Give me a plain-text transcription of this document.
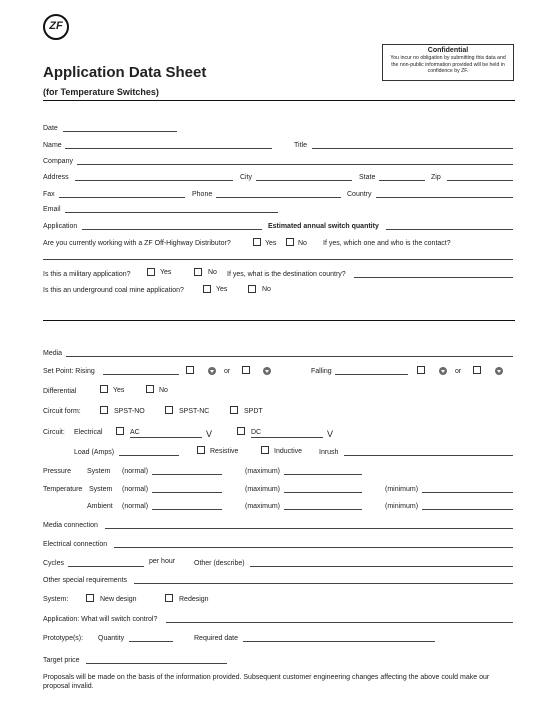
ZF
Confidential
You incur no obligation by submitting this data and the non-public information provided will be held in confidence by ZF.
Application Data Sheet
(for Temperature Switches)
Date
Name	Title
Company
Address	City	State	Zip
Fax	Phone	Country
Email
Application	Estimated annual switch quantity
Are you currently working with a ZF Off-Highway Distributor?	Yes	No If yes, which one and who is the contact?
Is this a military application?	Yes	No If yes, what is the destination country?
Is this an underground coal mine application?	Yes	No
Media
Set Point: Rising	or	Falling	or
Differential	Yes	No
Circuit form:	SPST-NO	SPST-NC	SPDT
Circuit: Electrical	AC	V	DC	V
Load (Amps)	Resistive	Inductive Inrush
Pressure System (normal)	(maximum)
Temperature System (normal)	(maximum)	(minimum)
Ambient (normal)	(maximum)	(minimum)
Media connection
Electrical connection
Cycles	per hour	Other (describe)
Other special requirements
System:	New design	Redesign
Application: What will switch control?
Prototype(s): Quantity	Required date
Target price
Proposals will be made on the basis of the information provided. Subsequent customer engineering changes affecting the above could make our proposal invalid.
